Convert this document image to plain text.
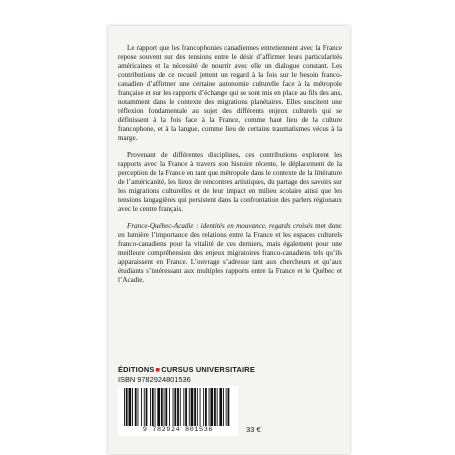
Le rapport que les francophonies canadiennes entretiennent avec la France repose souvent sur des tensions entre le désir d’affirmer leurs particularités américaines et la nécessité de nourrir avec elle un dialogue constant. Les contributions de ce recueil jettent un regard à la fois sur le besoin franco-canadien d’affirmer une certaine autonomie culturelle face à la métropole française et sur les rapports d’échange qui se sont mis en place au fils des ans, notamment dans le contexte des migrations planétaires. Elles suscitent une réflexion fondamentale au sujet des différents enjeux culturels qui se définissent à la fois face à la France, comme haut lieu de la culture francophone, et à la langue, comme lieu de certains traumatismes vécus à la marge.

Provenant de différentes disciplines, ces contributions explorent les rapports avec la France à travers son histoire récente, le déplacement de la perception de la France en tant que métropole dans le contexte de la littérature de l’américanité, les lieux de rencontres artistiques, du partage des savoirs sur les migrations culturelles et de leur impact en milieu scolaire ainsi que les tensions langagières qui persistent dans la confrontation des parlers régionaux avec le centre français.

France-Québec-Acadie : identités en mouvance, regards croisés met donc en lumière l’importance des relations entre la France et les espaces culturels franco-canadiens pour la vitalité de ces derniers, mais également pour une meilleure compréhension des enjeux migratoires franco-canadiens tels qu’ils apparaissent en France. L’ouvrage s’adresse tant aux chercheurs et qu’aux étudiants s’intéressant aux multiples rapports entre la France et le Québec et l’Acadie.

ÉDITIONS■CURSUS UNIVERSITAIRE
ISBN 9782924801536
9 782924 801536	33 €
